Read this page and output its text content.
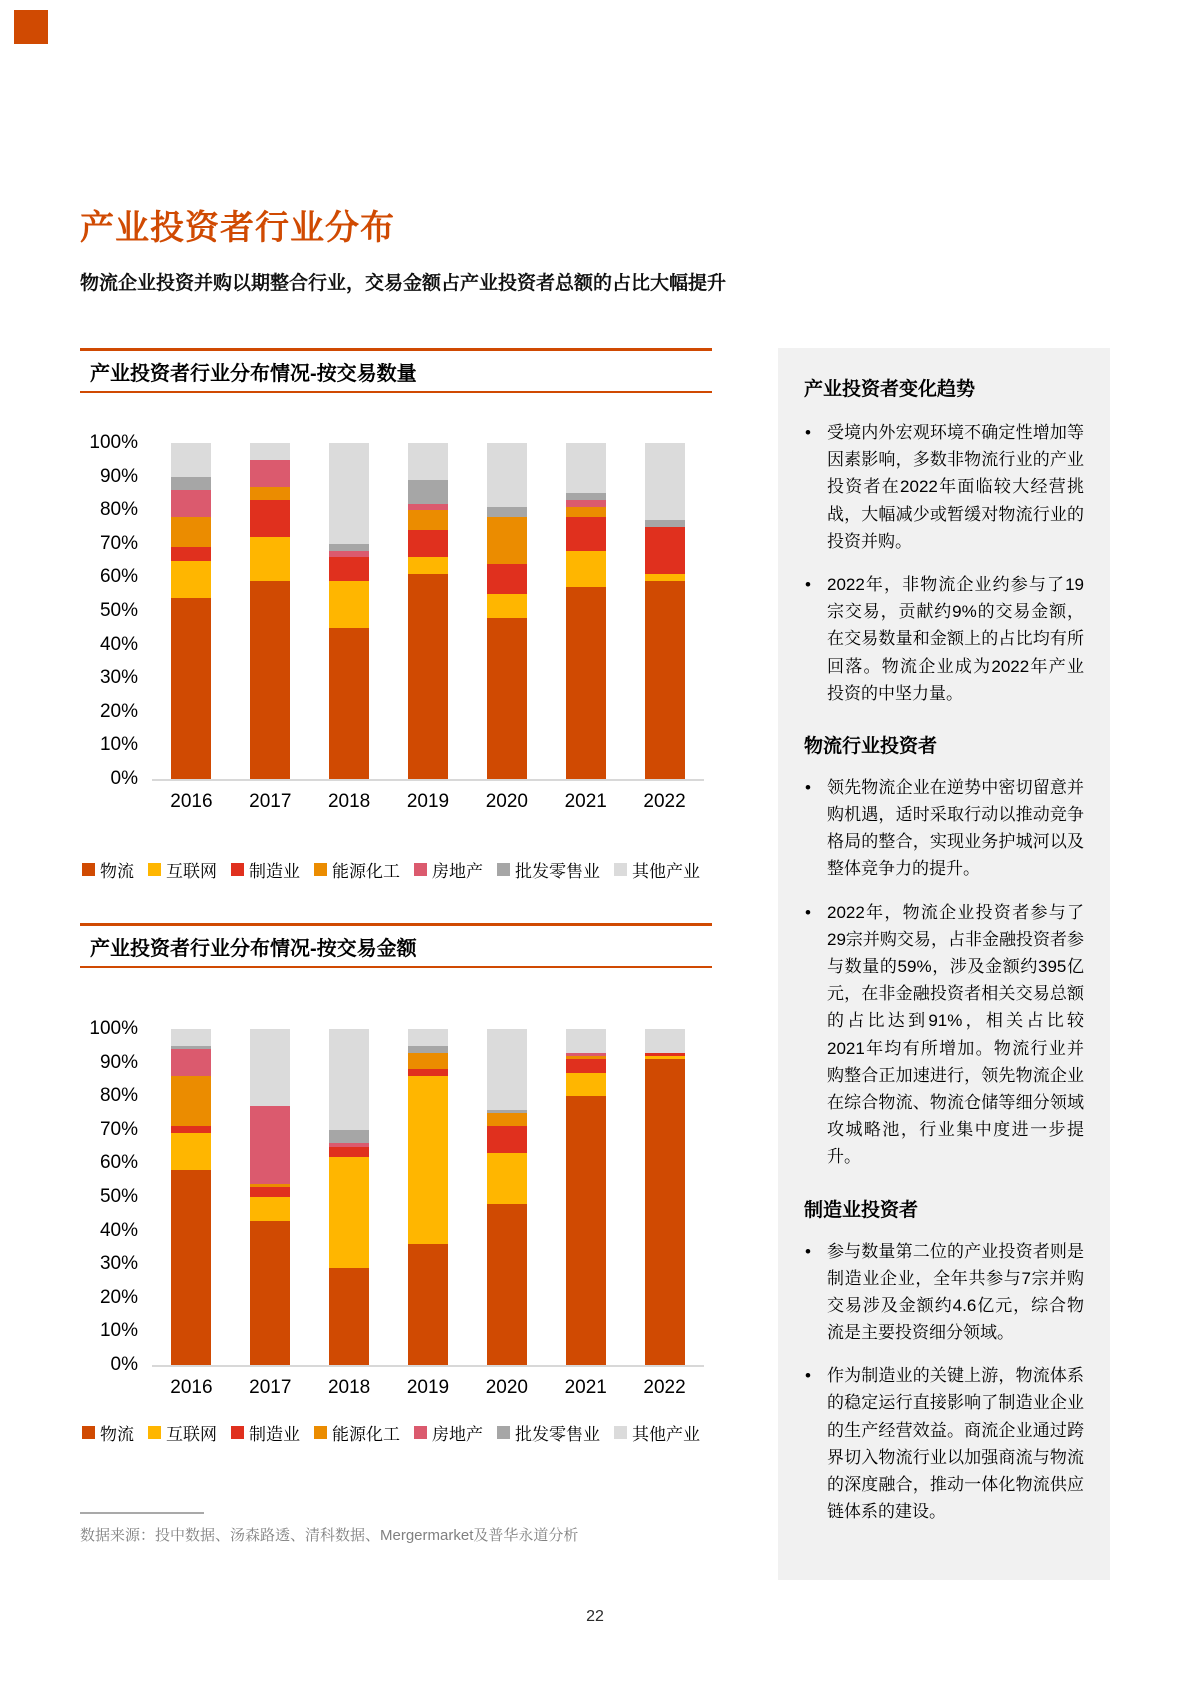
产业投资者行业分布
物流企业投资并购以期整合行业，交易金额占产业投资者总额的占比大幅提升
产业投资者行业分布情况-按交易数量
100%
90%
80%
70%
60%
50%
40%
30%
20%
10%
0%
2016	2017	2018	2019	2020	2021	2022
物流 互联网 制造业 能源化工 房地产 批发零售业 其他产业
产业投资者行业分布情况-按交易金额
100%
90%
80%
70%
60%
50%
40%
30%
20%
10%
0%
2016	2017	2018	2019	2020	2021	2022
物流 互联网 制造业 能源化工 房地产 批发零售业 其他产业
产业投资者变化趋势
• 受境内外宏观环境不确定性增加等因素影响，多数非物流行业的产业投资者在2022年面临较大经营挑战，大幅减少或暂缓对物流行业的投资并购。

• 2022年，非物流企业约参与了19宗交易，贡献约9%的交易金额，在交易数量和金额上的占比均有所回落。物流企业成为2022年产业投资的中坚力量。

物流行业投资者
• 领先物流企业在逆势中密切留意并购机遇，适时采取行动以推动竞争格局的整合，实现业务护城河以及整体竞争力的提升。

• 2022年，物流企业投资者参与了29宗并购交易，占非金融投资者参与数量的59%，涉及金额约395亿元，在非金融投资者相关交易总额的占比达到91%，相关占比较2021年均有所增加。物流行业并购整合正加速进行，领先物流企业在综合物流、物流仓储等细分领域攻城略池，行业集中度进一步提升。

制造业投资者
• 参与数量第二位的产业投资者则是制造业企业，全年共参与7宗并购交易涉及金额约4.6亿元，综合物流是主要投资细分领域。

• 作为制造业的关键上游，物流体系的稳定运行直接影响了制造业企业的生产经营效益。商流企业通过跨界切入物流行业以加强商流与物流的深度融合，推动一体化物流供应链体系的建设。

数据来源：投中数据、汤森路透、清科数据、Mergermarket及普华永道分析
22
